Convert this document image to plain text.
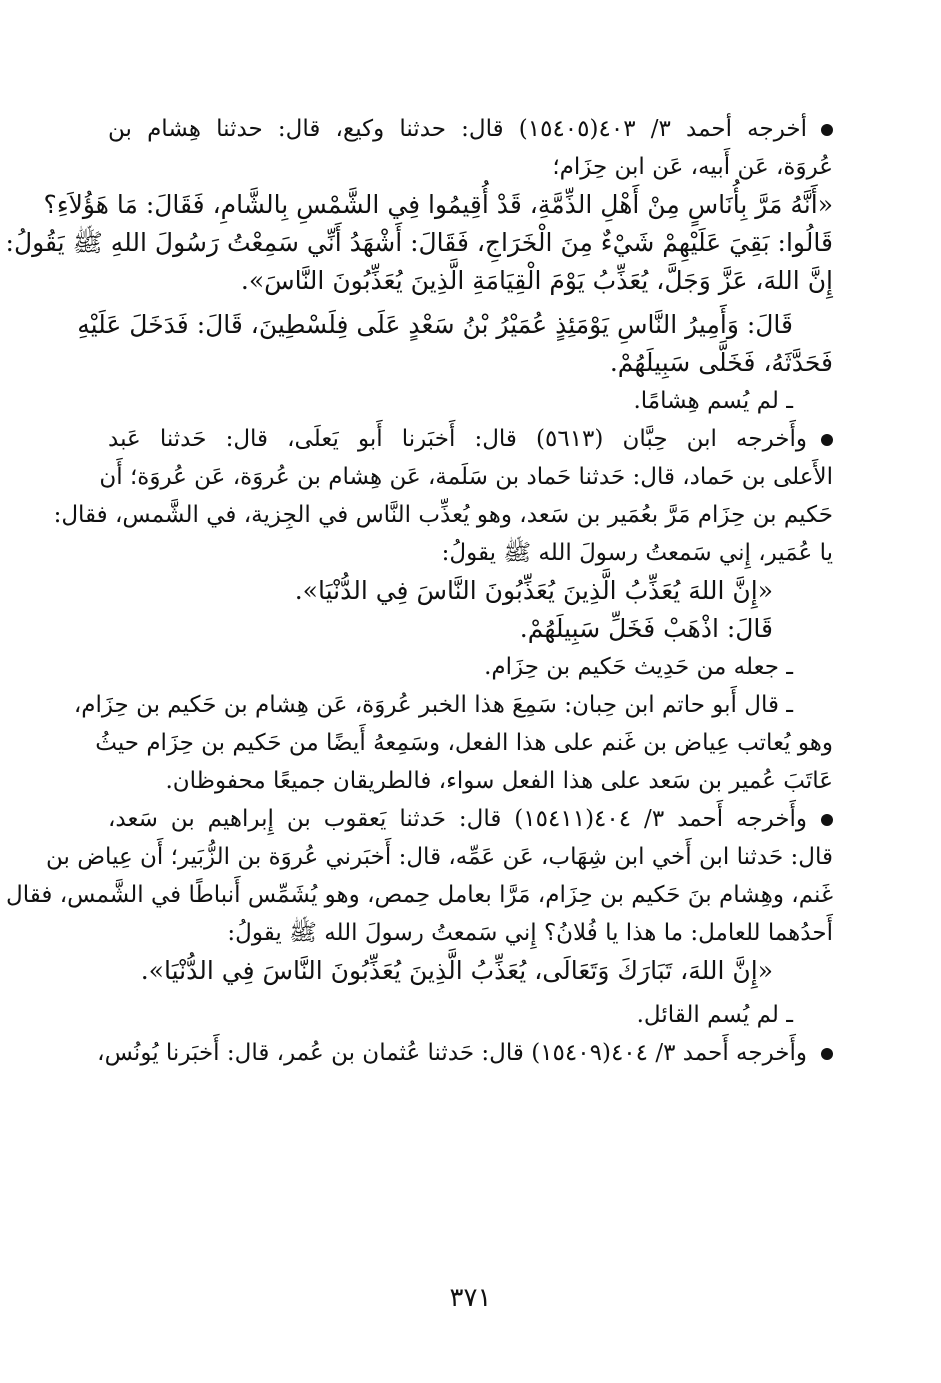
أخرجه أحمد ٣/ ٤٠٣(١٥٤٠٥) قال: حدثنا وكيع، قال: حدثنا هِشام بن
عُروَة، عَن أَبيه، عَن ابن حِزَام؛
«أَنَّهُ مَرَّ بِأُنَاسٍ مِنْ أَهْلِ الذِّمَّةِ، قَدْ أُقِيمُوا فِي الشَّمْسِ بِالشَّامِ، فَقَالَ: مَا هَؤُلاَءِ؟
قَالُوا: بَقِيَ عَلَيْهِمْ شَيْءٌ مِنَ الْخَرَاجِ، فَقَالَ: أَشْهَدُ أَنِّي سَمِعْتُ رَسُولَ اللهِ ﷺ يَقُولُ:
إِنَّ اللهَ، عَزَّ وَجَلَّ، يُعَذِّبُ يَوْمَ الْقِيَامَةِ الَّذِينَ يُعَذِّبُونَ النَّاسَ».
قَالَ: وَأَمِيرُ النَّاسِ يَوْمَئِذٍ عُمَيْرُ بْنُ سَعْدٍ عَلَى فِلَسْطِينَ، قَالَ: فَدَخَلَ عَلَيْهِ
فَحَدَّثَهُ، فَخَلَّى سَبِيلَهُمْ.
ـ لم يُسم هِشامًا.
وأَخرجه ابن حِبَّان (٥٦١٣) قال: أَخبَرنا أَبو يَعلَى، قال: حَدثنا عَبد
الأَعلى بن حَماد، قال: حَدثنا حَماد بن سَلَمة، عَن هِشام بن عُروَة، عَن عُروَة؛ أَن
حَكيم بن حِزَام مَرَّ بعُمَير بن سَعد، وهو يُعذِّب النَّاس في الجِزية، في الشَّمس، فقال:
يا عُمَير، إِني سَمعتُ رسولَ الله ﷺ يقولُ:
«إِنَّ اللهَ يُعَذِّبُ الَّذِينَ يُعَذِّبُونَ النَّاسَ فِي الدُّنْيَا».
قَالَ: اذْهَبْ فَخَلِّ سَبِيلَهُمْ.
ـ جعله من حَدِيث حَكيم بن حِزَام.
ـ قال أَبو حاتم ابن حِبان: سَمِعَ هذا الخبر عُروَة، عَن هِشام بن حَكيم بن حِزَام،
وهو يُعاتب عِياض بن غَنم على هذا الفعل، وسَمِعهُ أَيضًا من حَكيم بن حِزَام حيثُ
عَاتَبَ عُمير بن سَعد على هذا الفعل سواء، فالطريقان جميعًا محفوظان.
وأَخرجه أَحمد ٣/ ٤٠٤(١٥٤١١) قال: حَدثنا يَعقوب بن إِبراهيم بن سَعد،
قال: حَدثنا ابن أَخي ابن شِهَاب، عَن عَمِّه، قال: أَخبَرني عُروَة بن الزُّبَير؛ أَن عِياض بن
غَنم، وهِشام بنَ حَكيم بن حِزَام، مَرَّا بعامل حِمص، وهو يُشَمِّس أَنباطًا في الشَّمس، فقال
أَحدُهما للعامل: ما هذا يا فُلانُ؟ إِني سَمعتُ رسولَ الله ﷺ يقولُ:
«إِنَّ اللهَ، تَبَارَكَ وَتَعَالَى، يُعَذِّبُ الَّذِينَ يُعَذِّبُونَ النَّاسَ فِي الدُّنْيَا».
ـ لم يُسم القائل.
وأَخرجه أَحمد ٣/ ٤٠٤(١٥٤٠٩) قال: حَدثنا عُثمان بن عُمر، قال: أَخبَرنا يُونُس،
٣٧١
